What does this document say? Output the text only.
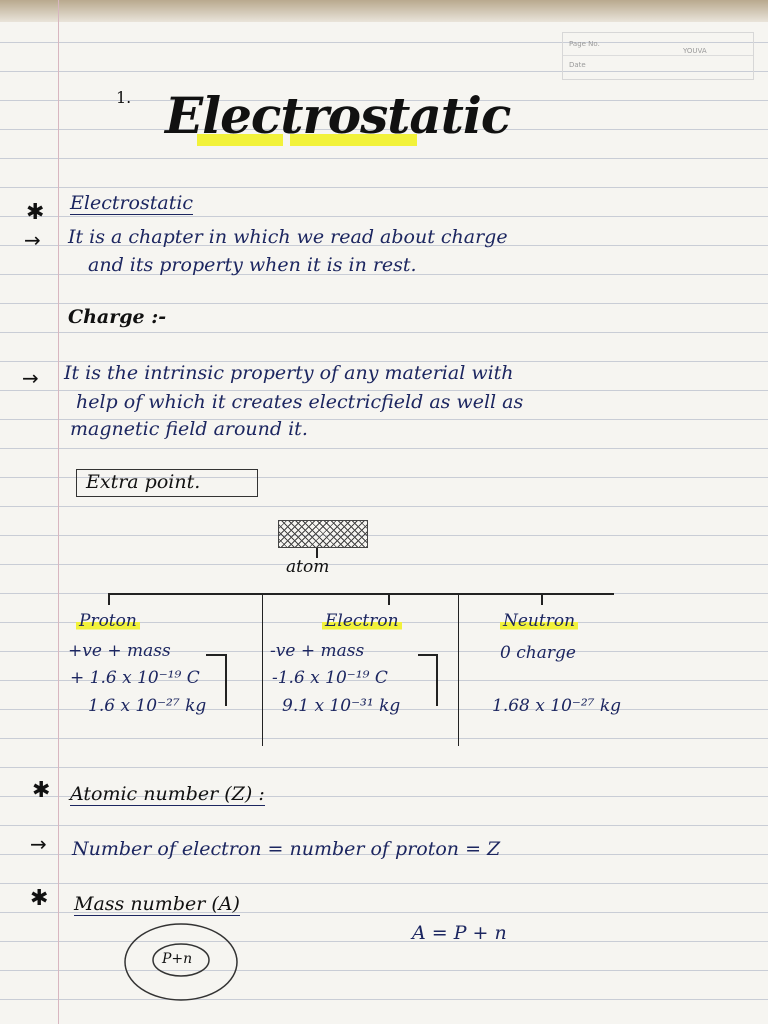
Page No.
YOUVA
Date
1. Electrostatic
✱ Electrostatic
→ It is a chapter in which we read about charge
and its property when it is in rest.
Charge :-
→ It is the intrinsic property of any material with
help of which it creates electricfield as well as
magnetic field around it.
Extra point.
atom
Proton
+ve + mass
+ 1.6 x 10⁻¹⁹ C
1.6 x 10⁻²⁷ kg
Electron
-ve + mass
-1.6 x 10⁻¹⁹ C
9.1 x 10⁻³¹ kg
Neutron
0 charge
1.68 x 10⁻²⁷ kg
✱ Atomic number (Z) :
→ Number of electron = number of proton = Z
✱ Mass number (A)
A = P + n
P+n
